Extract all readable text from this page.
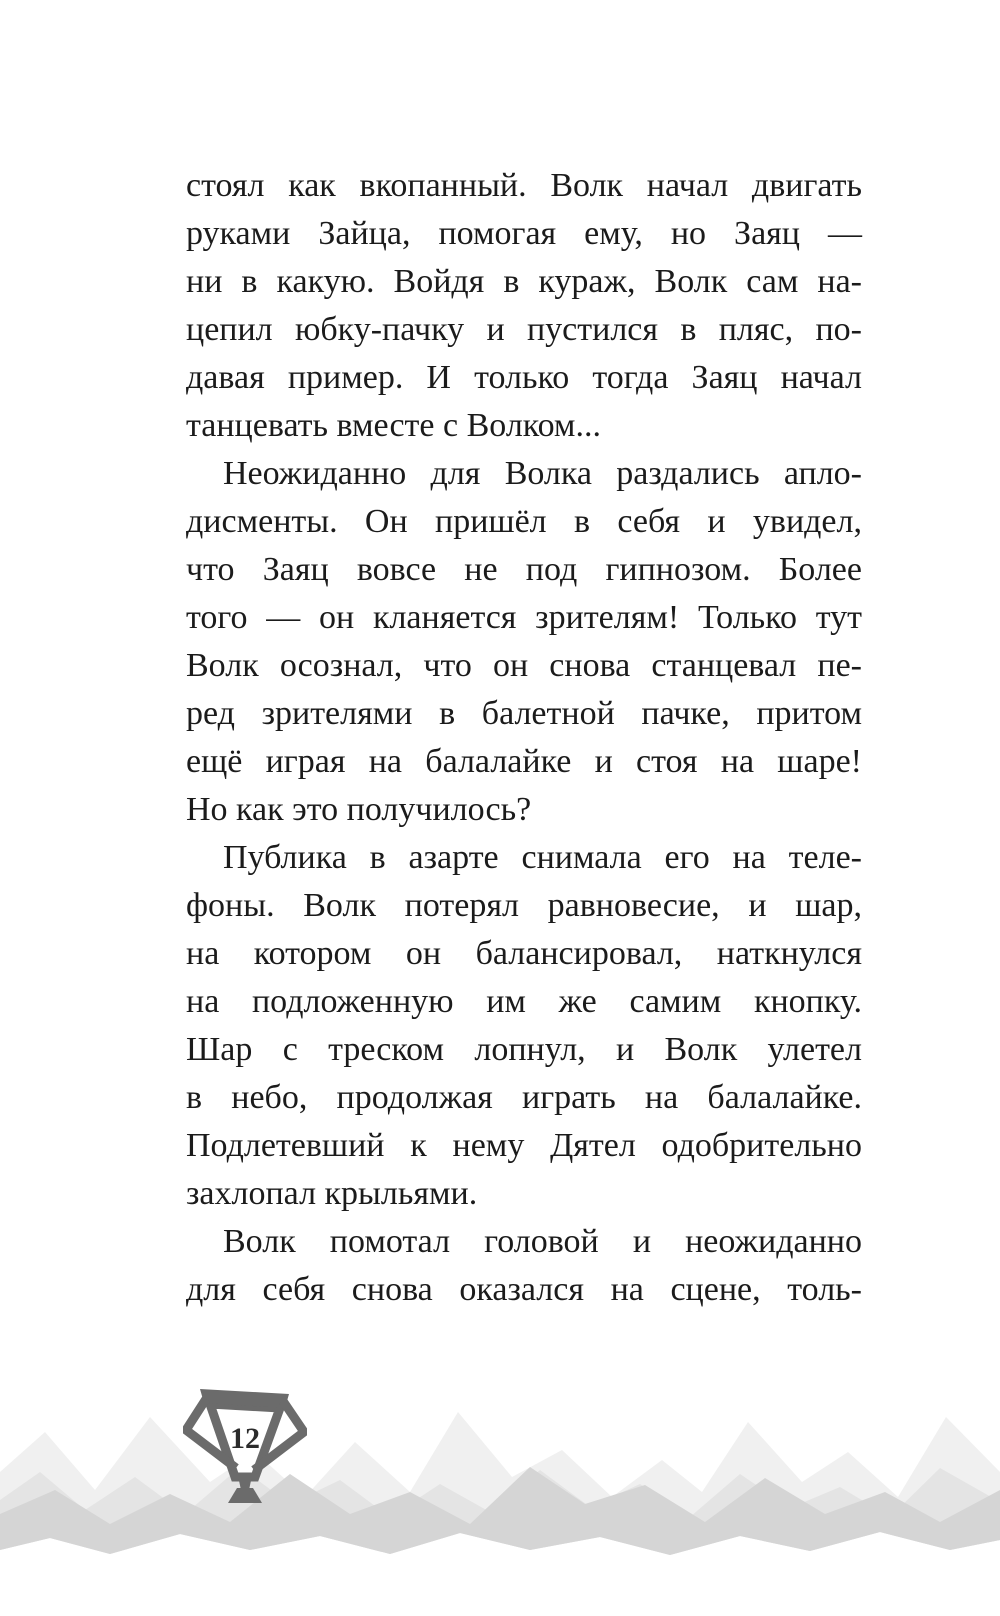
12
стоял как вкопанный. Волк начал двигать
руками Зайца, помогая ему, но Заяц —
ни в какую. Войдя в кураж, Волк сам на-
цепил юбку-пачку и пустился в пляс, по-
давая пример. И только тогда Заяц начал
танцевать вместе с Волком...
Неожиданно для Волка раздались апло-
дисменты. Он пришёл в себя и увидел,
что Заяц вовсе не под гипнозом. Более
того — он кланяется зрителям! Только тут
Волк осознал, что он снова станцевал пе-
ред зрителями в балетной пачке, притом
ещё играя на балалайке и стоя на шаре!
Но как это получилось?
Публика в азарте снимала его на теле-
фоны. Волк потерял равновесие, и шар,
на котором он балансировал, наткнулся
на подложенную им же самим кнопку.
Шар с треском лопнул, и Волк улетел
в небо, продолжая играть на балалайке.
Подлетевший к нему Дятел одобрительно
захлопал крыльями.
Волк помотал головой и неожиданно
для себя снова оказался на сцене, толь-
